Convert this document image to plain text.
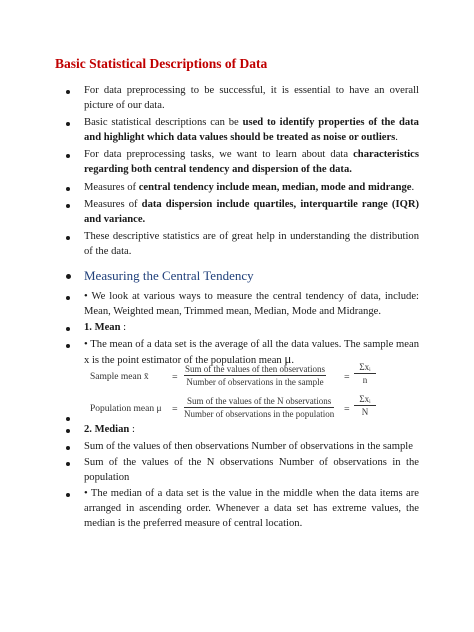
Basic Statistical Descriptions of Data
For data preprocessing to be successful, it is essential to have an overall picture of our data.
Basic statistical descriptions can be used to identify properties of the data and highlight which data values should be treated as noise or outliers.
For data preprocessing tasks, we want to learn about data characteristics regarding both central tendency and dispersion of the data.
Measures of central tendency include mean, median, mode and midrange.
Measures of data dispersion include quartiles, interquartile range (IQR) and variance.
These descriptive statistics are of great help in understanding the distribution of the data.
Measuring the Central Tendency
• We look at various ways to measure the central tendency of data, include: Mean, Weighted mean, Trimmed mean, Median, Mode and Midrange.
1. Mean :
• The mean of a data set is the average of all the data values. The sample mean x is the point estimator of the population mean μ.
Sample mean x̄ =
Sum of the values of then observations
Number of observations in the sample =
Σxᵢ
n
Population mean μ =
Sum of the values of the N observations
Number of observations in the population =
Σxᵢ
N
2. Median :
Sum of the values of then observations Number of observations in the sample
Sum of the values of the N observations Number of observations in the population
• The median of a data set is the value in the middle when the data items are arranged in ascending order. Whenever a data set has extreme values, the median is the preferred measure of central location.
